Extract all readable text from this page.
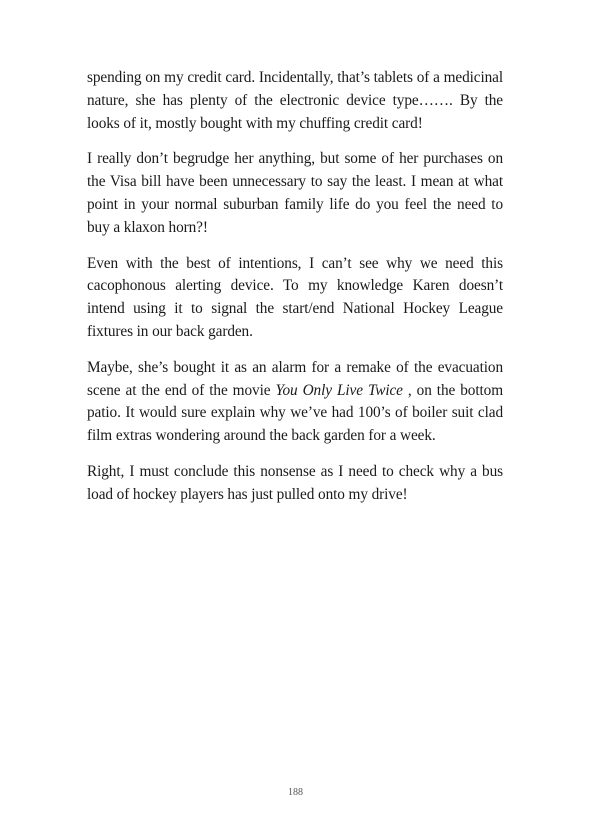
spending on my credit card. Incidentally, that’s tablets of a medicinal nature, she has plenty of the electronic device type……. By the looks of it, mostly bought with my chuffing credit card!

I really don’t begrudge her anything, but some of her purchases on the Visa bill have been unnecessary to say the least. I mean at what point in your normal suburban family life do you feel the need to buy a klaxon horn?!

Even with the best of intentions, I can’t see why we need this cacophonous alerting device. To my knowledge Karen doesn’t intend using it to signal the start/end National Hockey League fixtures in our back garden.

Maybe, she’s bought it as an alarm for a remake of the evacuation scene at the end of the movie You Only Live Twice , on the bottom patio. It would sure explain why we’ve had 100’s of boiler suit clad film extras wondering around the back garden for a week.

Right, I must conclude this nonsense as I need to check why a bus load of hockey players has just pulled onto my drive!

188
